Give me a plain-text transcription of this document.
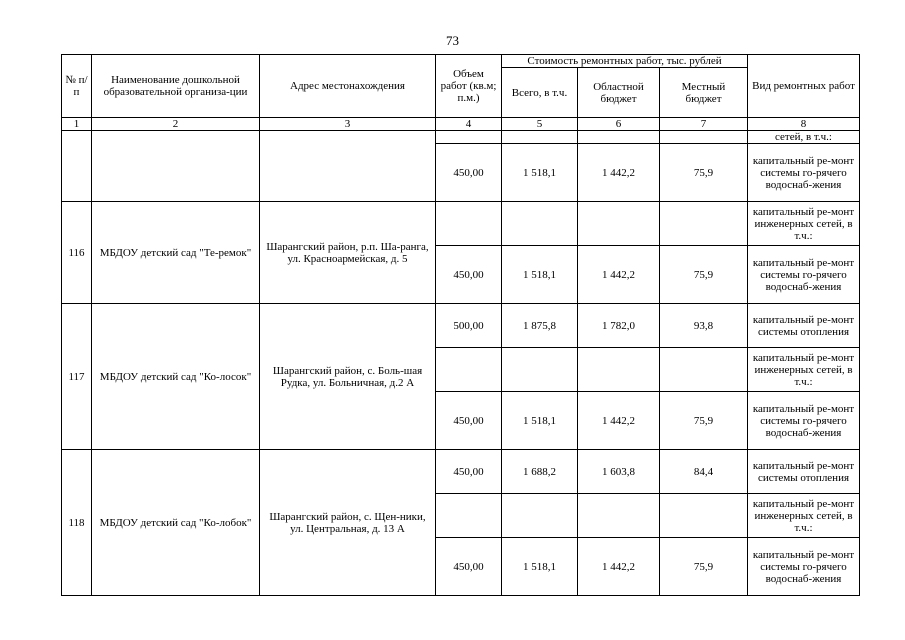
73
№ п/п	Наименование дошкольной образовательной организа-ции	Адрес местонахождения	Объем работ (кв.м; п.м.)	Стоимость ремонтных работ, тыс. рублей			Вид ремонтных работ
				Всего, в т.ч.	Областной бюджет	Местный бюджет	
1	2	3	4	5	6	7	8
							сетей, в т.ч.:
			450,00	1 518,1	1 442,2	75,9	капитальный ре-монт системы го-рячего водоснаб-жения
116	МБДОУ детский сад "Те-ремок"	Шарангский район, р.п. Ша-ранга, ул. Красноармейская, д. 5					капитальный ре-монт инженерных сетей, в т.ч.:
			450,00	1 518,1	1 442,2	75,9	капитальный ре-монт системы го-рячего водоснаб-жения
117	МБДОУ детский сад "Ко-лосок"	Шарангский район, с. Боль-шая Рудка, ул. Больничная, д.2 А	500,00	1 875,8	1 782,0	93,8	капитальный ре-монт системы отопления
							капитальный ре-монт инженерных сетей, в т.ч.:
			450,00	1 518,1	1 442,2	75,9	капитальный ре-монт системы го-рячего водоснаб-жения
118	МБДОУ детский сад "Ко-лобок"	Шарангский район, с. Щен-ники, ул. Центральная, д. 13 А	450,00	1 688,2	1 603,8	84,4	капитальный ре-монт системы отопления
							капитальный ре-монт инженерных сетей, в т.ч.:
			450,00	1 518,1	1 442,2	75,9	капитальный ре-монт системы го-рячего водоснаб-жения
